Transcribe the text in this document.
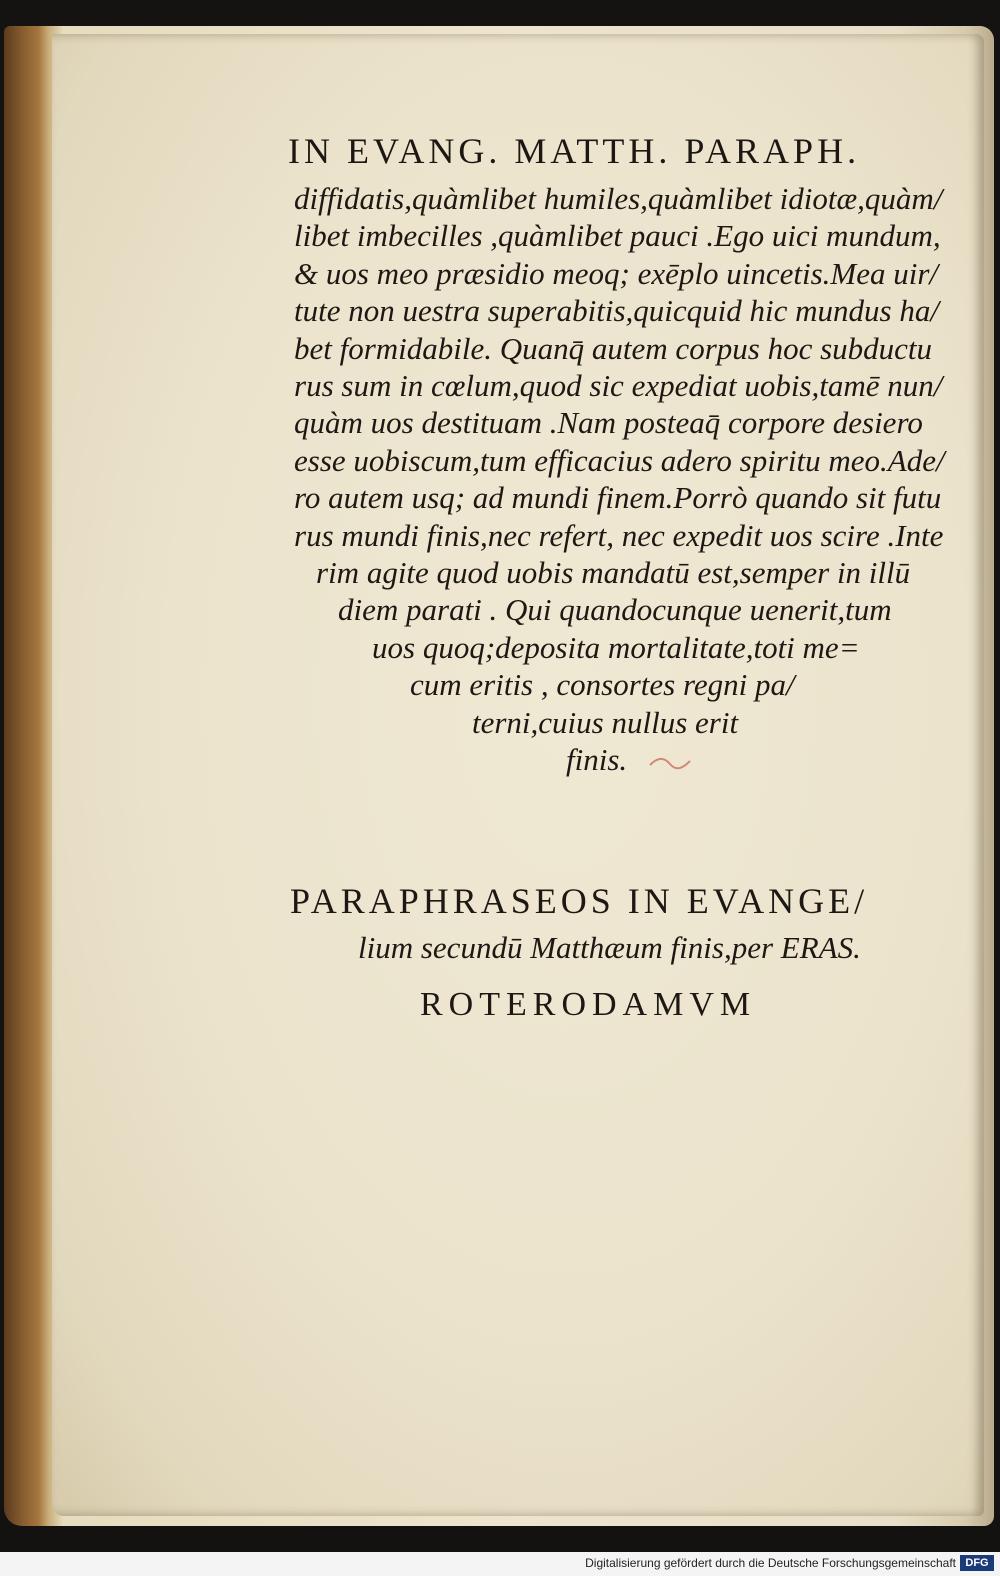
IN EVANG. MATTH. PARAPH.
diffidatis,quàmlibet humiles,quàmlibet idiotæ,quàm/
libet imbecilles ,quàmlibet pauci .Ego uici mundum,
& uos meo præsidio meoq; exēplo uincetis.Mea uir/
tute non uestra superabitis,quicquid hic mundus ha/
bet formidabile. Quanq̄ autem corpus hoc subductu
rus sum in cœlum,quod sic expediat uobis,tamē nun/
quàm uos destituam .Nam posteaq̄ corpore desiero
esse uobiscum,tum efficacius adero spiritu meo.Ade/
ro autem usq; ad mundi finem.Porrò quando sit futu
rus mundi finis,nec refert, nec expedit uos scire .Inte
rim agite quod uobis mandatū est,semper in illū
diem parati . Qui quandocunque uenerit,tum
uos quoq;deposita mortalitate,toti me=
cum eritis , consortes regni pa/
terni,cuius nullus erit
finis.
PARAPHRASEOS IN EVANGE/
lium secundū Matthæum finis,per ERAS.
ROTERODAMVM
Digitalisierung gefördert durch die Deutsche Forschungsgemeinschaft DFG
